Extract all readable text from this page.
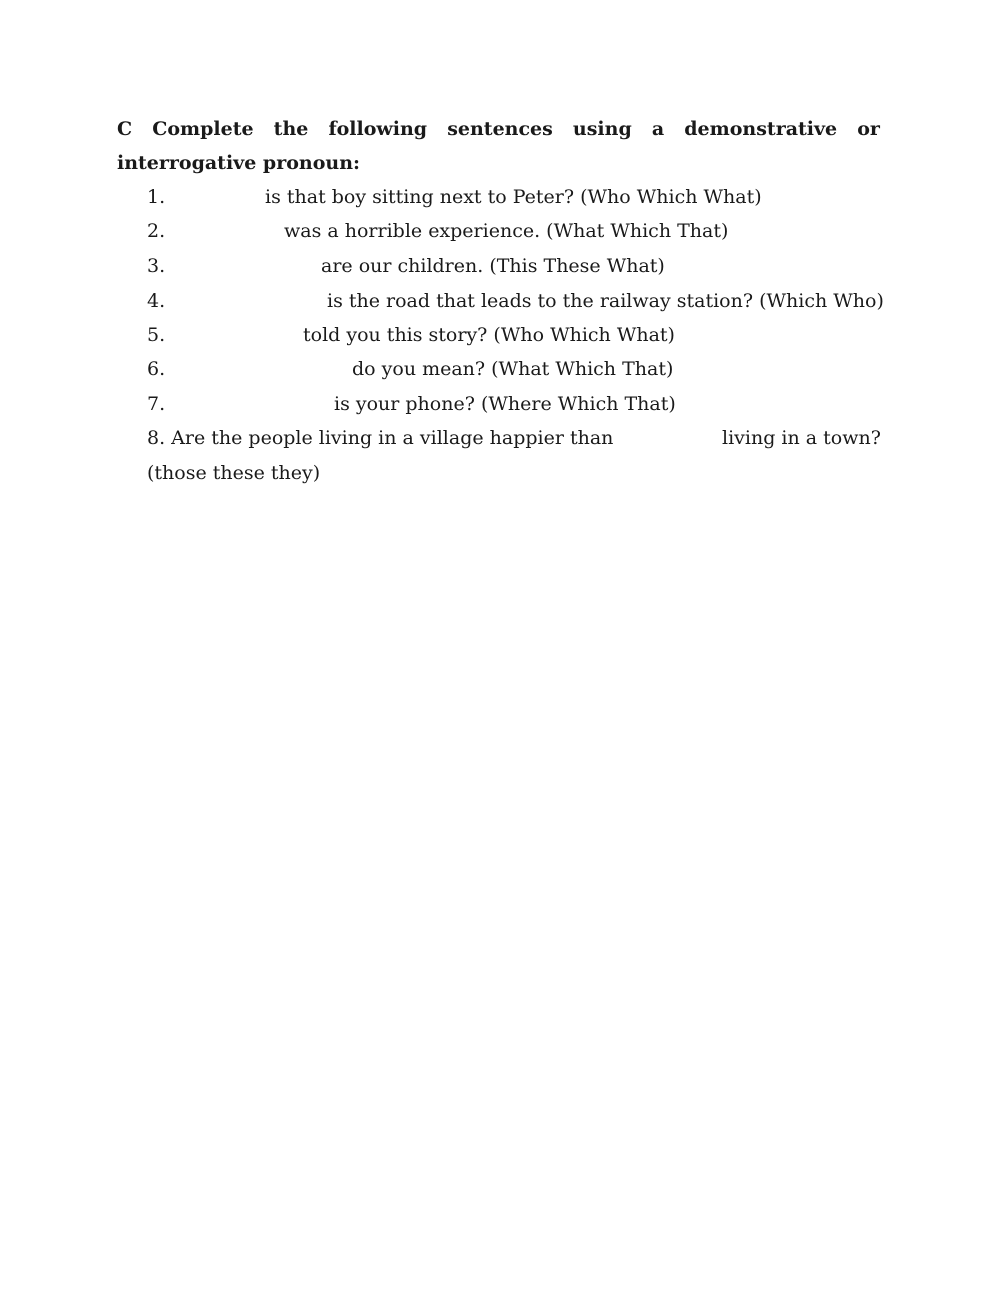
C Complete the following sentences using a demonstrative or
interrogative pronoun:
1.	is that boy sitting next to Peter? (Who Which What)
2.	was a horrible experience. (What Which That)
3.	are our children. (This These What)
4.	is the road that leads to the railway station? (Which Who)
5.	told you this story? (Who Which What)
6.	do you mean? (What Which That)
7.	is your phone? (Where Which That)
8. Are the people living in a village happier than	living in a town?
(those these they)
